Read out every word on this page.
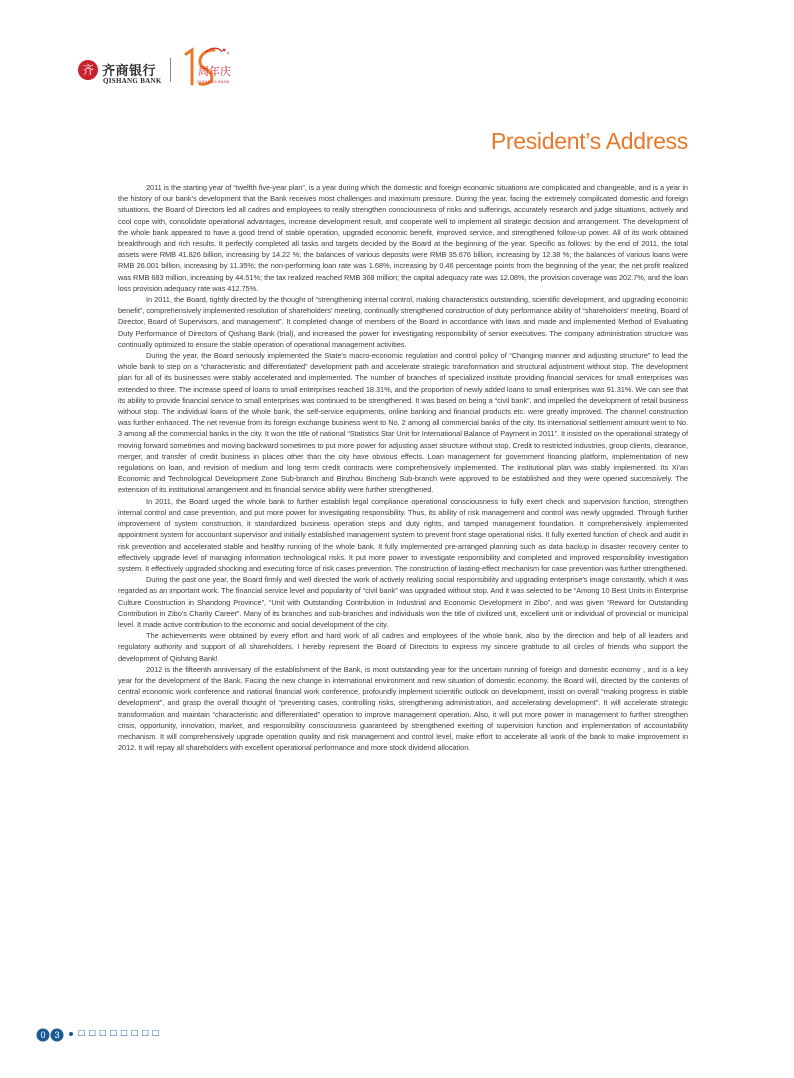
齐 齐商银行
QISHANG BANK
周年庆
QISHANG BANK
President’s Address

2011 is the starting year of “twelfth five-year plan”, is a year during which the domestic and foreign economic situations are complicated and changeable, and is a year in the history of our bank’s development that the Bank receives most challenges and maximum pressure. During the year, facing the extremely complicated domestic and foreign situations, the Board of Directors led all cadres and employees to really strengthen consciousness of risks and sufferings, accurately research and judge situations, actively and cool cope with, consolidate operational advantages, increase development result, and cooperate well to implement all strategic decision and arrangement. The development of the whole bank appeared to have a good trend of stable operation, upgraded economic benefit, improved service, and strengthened follow-up power. All of its work obtained breakthrough and rich results. It perfectly completed all tasks and targets decided by the Board at the beginning of the year. Specific as follows: by the end of 2011, the total assets were RMB 41.826 billion, increasing by 14.22 %; the balances of various deposits were RMB 35.676 billion, increasing by 12.38 %; the balances of various loans were RMB 26.001 billion, increasing by 11.35%; the non-performing loan rate was 1.68%, increasing by 0.46 percentage points from the beginning of the year; the net profit realized was RMB 683 million, increasing by 44.51%; the tax realized reached RMB 368 million; the capital adequacy rate was 12.08%, the provision coverage was 202.7%, and the loan loss provision adequacy rate was 412.75%.

In 2011, the Board, tightly directed by the thought of “strengthening internal control, making characteristics outstanding, scientific development, and upgrading economic benefit”, comprehensively implemented resolution of shareholders’ meeting, continually strengthened construction of duty performance ability of “shareholders’ meeting, Board of Director, Board of Supervisors, and management”. It completed change of members of the Board in accordance with laws and made and implemented Method of Evaluating Duty Performance of Directors of Qishang Bank (trial), and increased the power for investigating responsibility of senior executives. The company administration structure was continually optimized to ensure the stable operation of operational management activities.

During the year, the Board seriously implemented the State’s macro-economic regulation and control policy of “Changing manner and adjusting structure” to lead the whole bank to step on a “characteristic and differentiated” development path and accelerate strategic transformation and structural adjustment without stop. The development plan for all of its businesses were stably accelerated and implemented. The number of branches of specialized institute providing financial services for small enterprises was extended to three. The increase speed of loans to small enterprises reached 18.31%, and the proportion of newly added loans to small enterprises was 91.31%. We can see that its ability to provide financial service to small enterprises was continued to be strengthened. It was based on being a “civil bank”, and impelled the development of retail business without stop. The individual loans of the whole bank, the self-service equipments, online banking and financial products etc. were greatly improved. The channel construction was further enhanced. The net revenue from its foreign exchange business went to No. 2 among all commercial banks of the city. Its international settlement amount went to No. 3 among all the commercial banks in the city. It won the title of national “Statistics Star Unit for International Balance of Payment in 2011”. It insisted on the operational strategy of moving forward sometimes and moving backward sometimes to put more power for adjusting asset structure without stop. Credit to restricted industries, group clients, clearance, merger, and transfer of credit business in places other than the city have obvious effects. Loan management for government financing platform, implementation of new regulations on loan, and revision of medium and long term credit contracts were comprehensively implemented. The institutional plan was stably implemented. Its Xi’an Economic and Technological Development Zone Sub-branch and Binzhou Bincheng Sub-branch were approved to be established and they were opened successively. The extension of its institutional arrangement and its financial service ability were further strengthened.

In 2011, the Board urged the whole bank to further establish legal compliance operational consciousness to fully exert check and supervision function, strengthen internal control and case prevention, and put more power for investigating responsibility. Thus, its ability of risk management and control was newly upgraded. Through further improvement of system construction, it standardized business operation steps and duty rights, and tamped management foundation. It comprehensively implemented appointment system for accountant supervisor and initially established management system to prevent front stage operational risks. It fully exerted function of check and audit in risk prevention and accelerated stable and healthy running of the whole bank. It fully implemented pre-arranged planning such as data backup in disaster recovery center to effectively upgrade level of managing information technological risks. It put more power to investigate responsibility and completed and improved responsibility investigation system. It effectively upgraded shocking and executing force of risk cases prevention. The construction of lasting-effect mechanism for case prevention was further strengthened.

During the past one year, the Board firmly and well directed the work of actively realizing social responsibility and upgrading enterprise’s image constantly, which it was regarded as an important work. The financial service level and popularity of “civil bank” was upgraded without stop. And it was selected to be “Among 10 Best Units in Enterprise Culture Construction in Shandong Province”, “Unit with Outstanding Contribution in Industrial and Economic Development in Zibo”, and was given “Reward for Outstanding Contribution in Zibo’s Charity Career”. Many of its branches and sub-branches and individuals won the title of civilized unit, excellent unit or individual of provincial or municipal level. It made active contribution to the economic and social development of the city.

The achievements were obtained by every effort and hard work of all cadres and employees of the whole bank, also by the direction and help of all leaders and regulatory authority and support of all shareholders. I hereby represent the Board of Directors to express my sincere gratitude to all circles of friends who support the development of Qishang Bank!

2012 is the fifteenth anniversary of the establishment of the Bank, is most outstanding year for the uncertain running of foreign and domestic economy , and is a key year for the development of the Bank. Facing the new change in international environment and new situation of domestic economy, the Board will, directed by the contents of central economic work conference and national financial work conference, profoundly implement scientific outlook on development, insist on overall “making progress in stable development”, and grasp the overall thought of “preventing cases, controlling risks, strengthening administration, and accelerating development”. It will accelerate strategic transformation and maintain “characteristic and differentiated” operation to improve management operation. Also, it will put more power in management to further strengthen crisis, opportunity, innovation, market, and responsibility consciousness guaranteed by strengthened exerting of supervision function and implementation of accountability mechanism. It will comprehensively upgrade operation quality and risk management and control level, make effort to accelerate all work of the bank to make improvement in 2012. It will repay all shareholders with excellent operational performance and more stock dividend allocation.

0 3 □□□□□□□□
